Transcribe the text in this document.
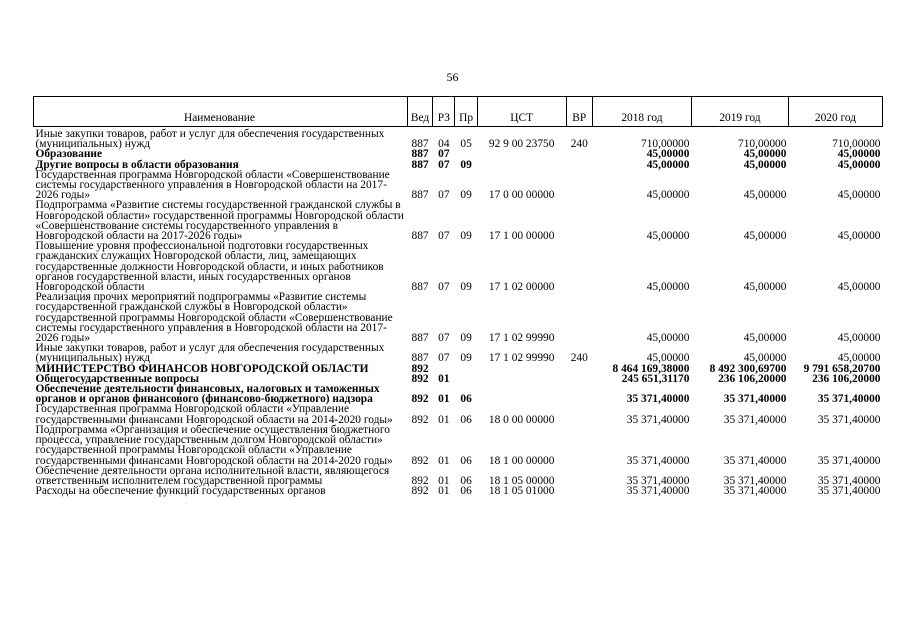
56
Наименование	Вед	РЗ	Пр	ЦСТ	ВР	2018 год	2019 год	2020 год
Иные закупки товаров, работ и услуг для обеспечения государственных (муниципальных) нужд	887	04	05	92 9 00 23750	240	710,00000	710,00000	710,00000
Образование	887	07				45,00000	45,00000	45,00000
Другие вопросы в области образования	887	07	09			45,00000	45,00000	45,00000
Государственная программа Новгородской области «Совершенствование системы государственного управления в Новгородской области на 2017-2026 годы»	887	07	09	17 0 00 00000		45,00000	45,00000	45,00000
Подпрограмма «Развитие системы государственной гражданской службы в Новгородской области» государственной программы Новгородской области «Совершенствование системы государственного управления в Новгородской области на 2017-2026 годы»	887	07	09	17 1 00 00000		45,00000	45,00000	45,00000
Повышение уровня профессиональной подготовки государственных гражданских служащих Новгородской области, лиц, замещающих государственные должности Новгородской области, и иных работников органов государственной власти, иных государственных органов Новгородской области	887	07	09	17 1 02 00000		45,00000	45,00000	45,00000
Реализация прочих мероприятий подпрограммы «Развитие системы государственной гражданской службы в Новгородской области» государственной программы Новгородской области «Совершенствование системы государственного управления в Новгородской области на 2017-2026 годы»	887	07	09	17 1 02 99990		45,00000	45,00000	45,00000
Иные закупки товаров, работ и услуг для обеспечения государственных (муниципальных) нужд	887	07	09	17 1 02 99990	240	45,00000	45,00000	45,00000
МИНИСТЕРСТВО ФИНАНСОВ НОВГОРОДСКОЙ ОБЛАСТИ	892					8 464 169,38000	8 492 300,69700	9 791 658,20700
Общегосударственные вопросы	892	01				245 651,31170	236 106,20000	236 106,20000
Обеспечение деятельности финансовых, налоговых и таможенных органов и органов финансового (финансово-бюджетного) надзора	892	01	06			35 371,40000	35 371,40000	35 371,40000
Государственная программа Новгородской области «Управление государственными финансами Новгородской области на 2014-2020 годы»	892	01	06	18 0 00 00000		35 371,40000	35 371,40000	35 371,40000
Подпрограмма «Организация и обеспечение осуществления бюджетного процесса, управление государственным долгом Новгородской области» государственной программы Новгородской области «Управление государственными финансами Новгородской области на 2014-2020 годы»	892	01	06	18 1 00 00000		35 371,40000	35 371,40000	35 371,40000
Обеспечение деятельности органа исполнительной власти, являющегося ответственным исполнителем государственной программы	892	01	06	18 1 05 00000		35 371,40000	35 371,40000	35 371,40000
Расходы на обеспечение функций государственных органов	892	01	06	18 1 05 01000		35 371,40000	35 371,40000	35 371,40000
